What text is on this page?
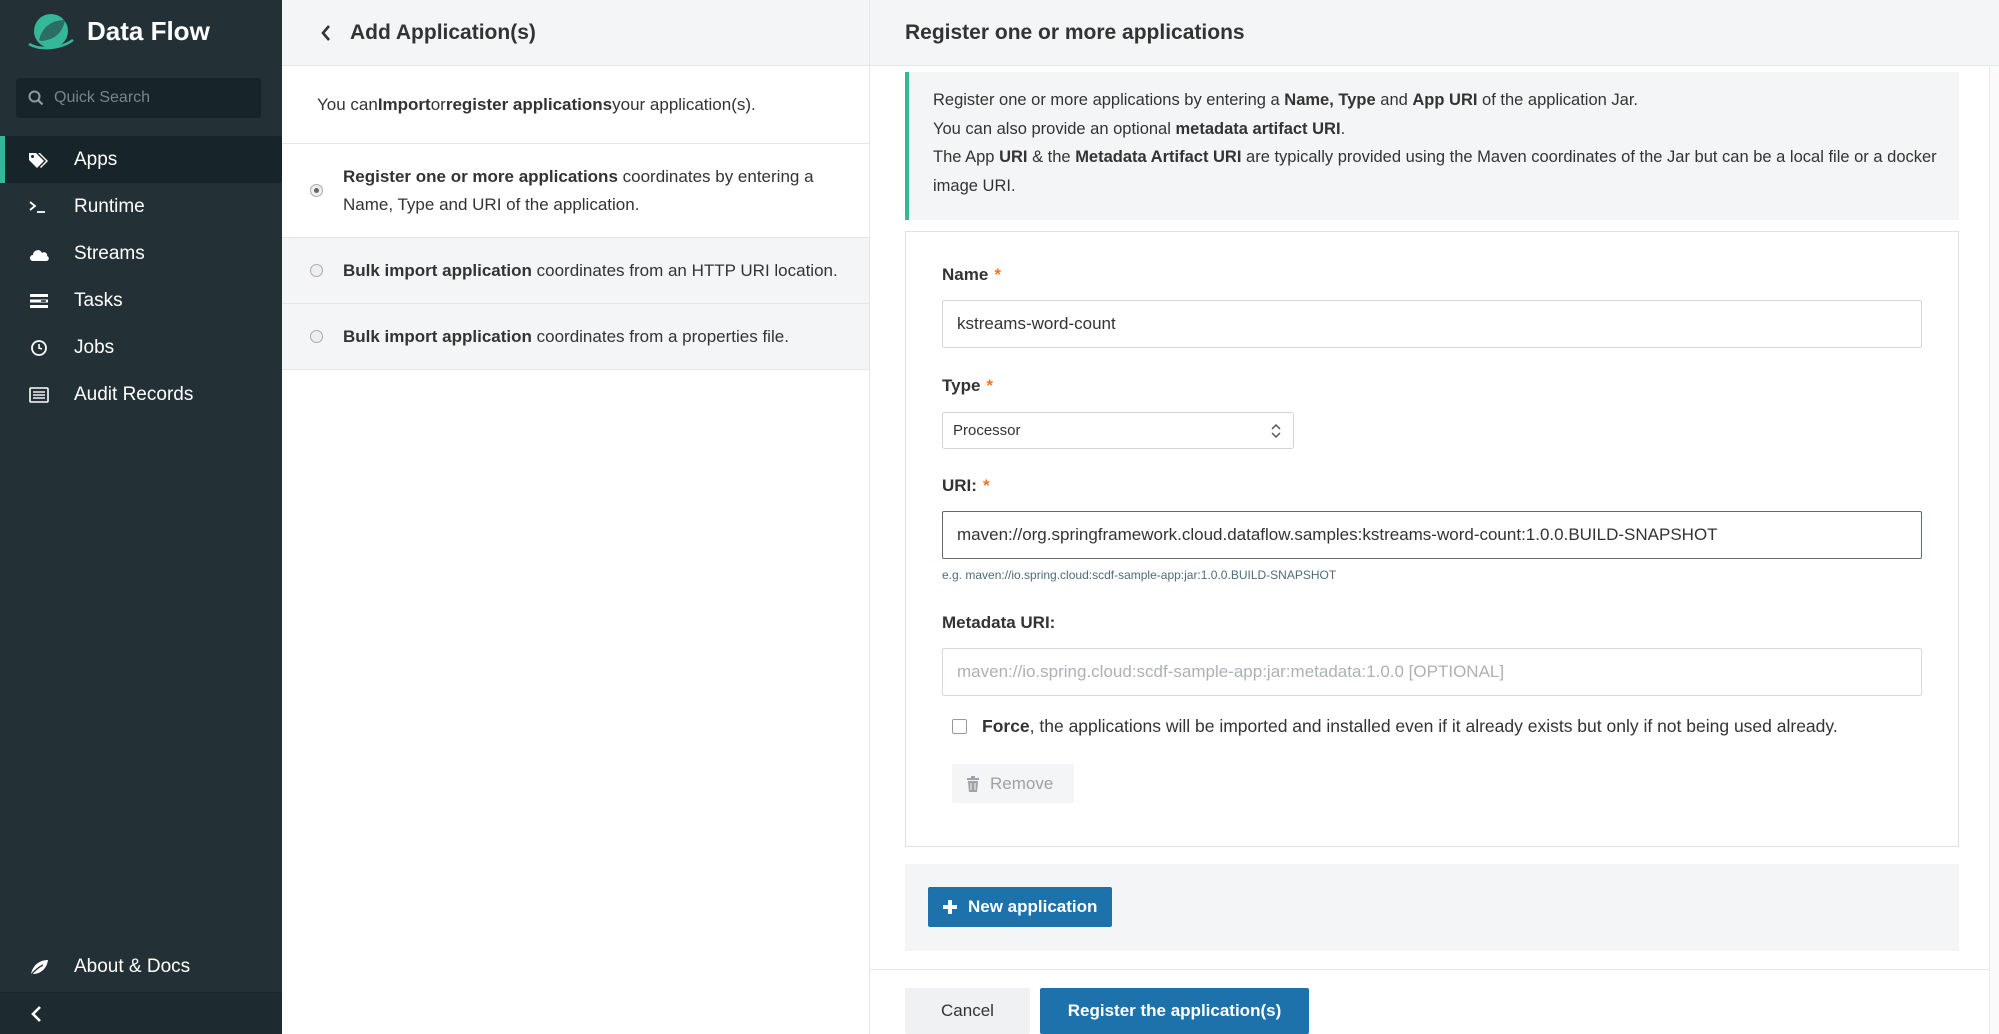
Data Flow
Quick Search
Apps
Runtime
Streams
Tasks
Jobs
Audit Records
About & Docs
Add Application(s)
You can Import or register applications your application(s).
Register one or more applications coordinates by entering a Name, Type and URI of the application.
Bulk import application coordinates from an HTTP URI location.
Bulk import application coordinates from a properties file.
Register one or more applications
Register one or more applications by entering a Name, Type and App URI of the application Jar.
You can also provide an optional metadata artifact URI.
The App URI & the Metadata Artifact URI are typically provided using the Maven coordinates of the Jar but can be a local file or a docker image URI.
Name *
kstreams-word-count
Type *
Processor
URI: *
maven://org.springframework.cloud.dataflow.samples:kstreams-word-count:1.0.0.BUILD-SNAPSHOT
e.g. maven://io.spring.cloud:scdf-sample-app:jar:1.0.0.BUILD-SNAPSHOT
Metadata URI:
maven://io.spring.cloud:scdf-sample-app:jar:metadata:1.0.0 [OPTIONAL]
Force, the applications will be imported and installed even if it already exists but only if not being used already.
Remove
New application
Cancel	Register the application(s)
